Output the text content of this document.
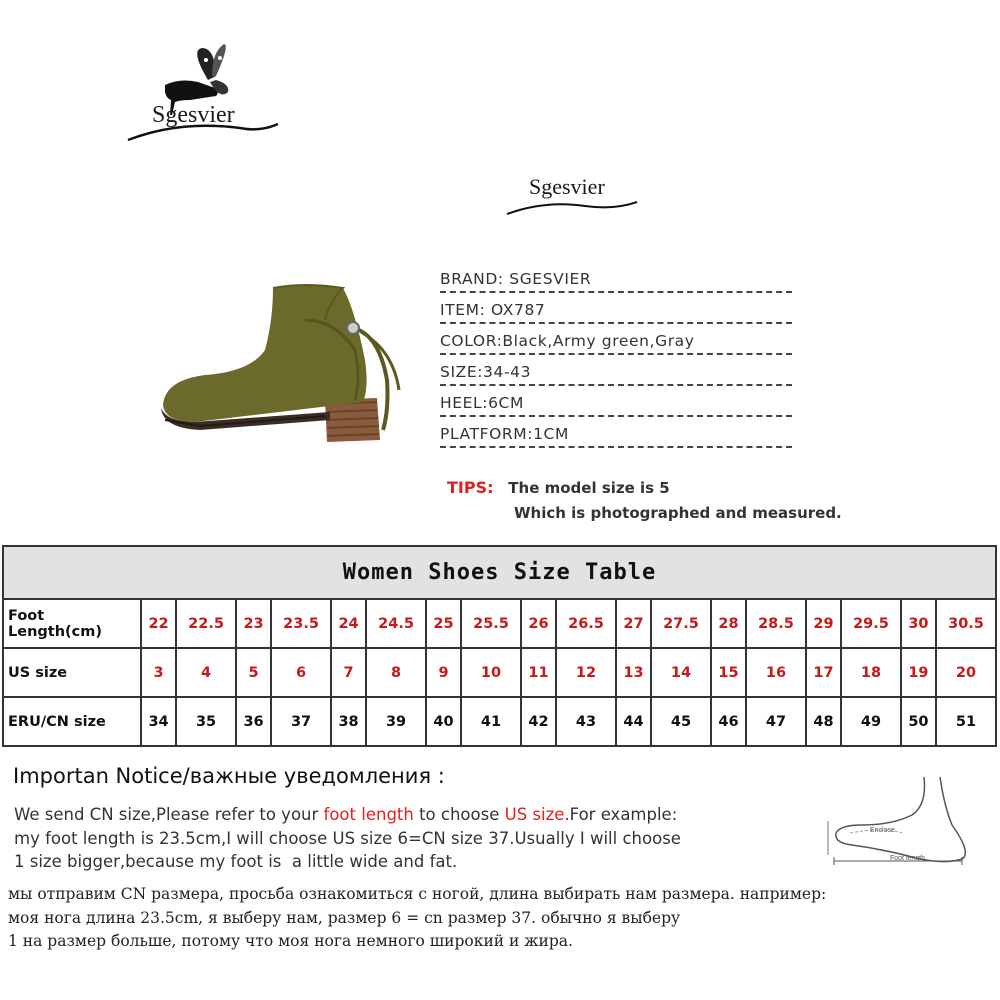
Sgesvier
Sgesvier
BRAND: SGESVIER
ITEM: OX787
COLOR:Black,Army green,Gray
SIZE:34-43
HEEL:6CM
PLATFORM:1CM
TIPS: The model size is 5
Which is photographed and measured.
Women Shoes Size Table																		
Foot Length(cm)	22	22.5	23	23.5	24	24.5	25	25.5	26	26.5	27	27.5	28	28.5	29	29.5	30	30.5
US size	3	4	5	6	7	8	9	10	11	12	13	14	15	16	17	18	19	20
ERU/CN size	34	35	36	37	38	39	40	41	42	43	44	45	46	47	48	49	50	51
Importan Notice/важные уведомления :
We send CN size,Please refer to your foot length to choose US size.For example:
my foot length is 23.5cm,I will choose US size 6=CN size 37.Usually I will choose
1 size bigger,because my foot is  a little wide and fat.
мы отправим CN размера, просьба ознакомиться с ногой, длина выбирать нам размера. например:
моя нога длина 23.5cm, я выберу нам, размер 6 = cn размер 37. обычно я выберу
1 на размер больше, потому что моя нога немного широкий и жира.
Enclose
Foot length
